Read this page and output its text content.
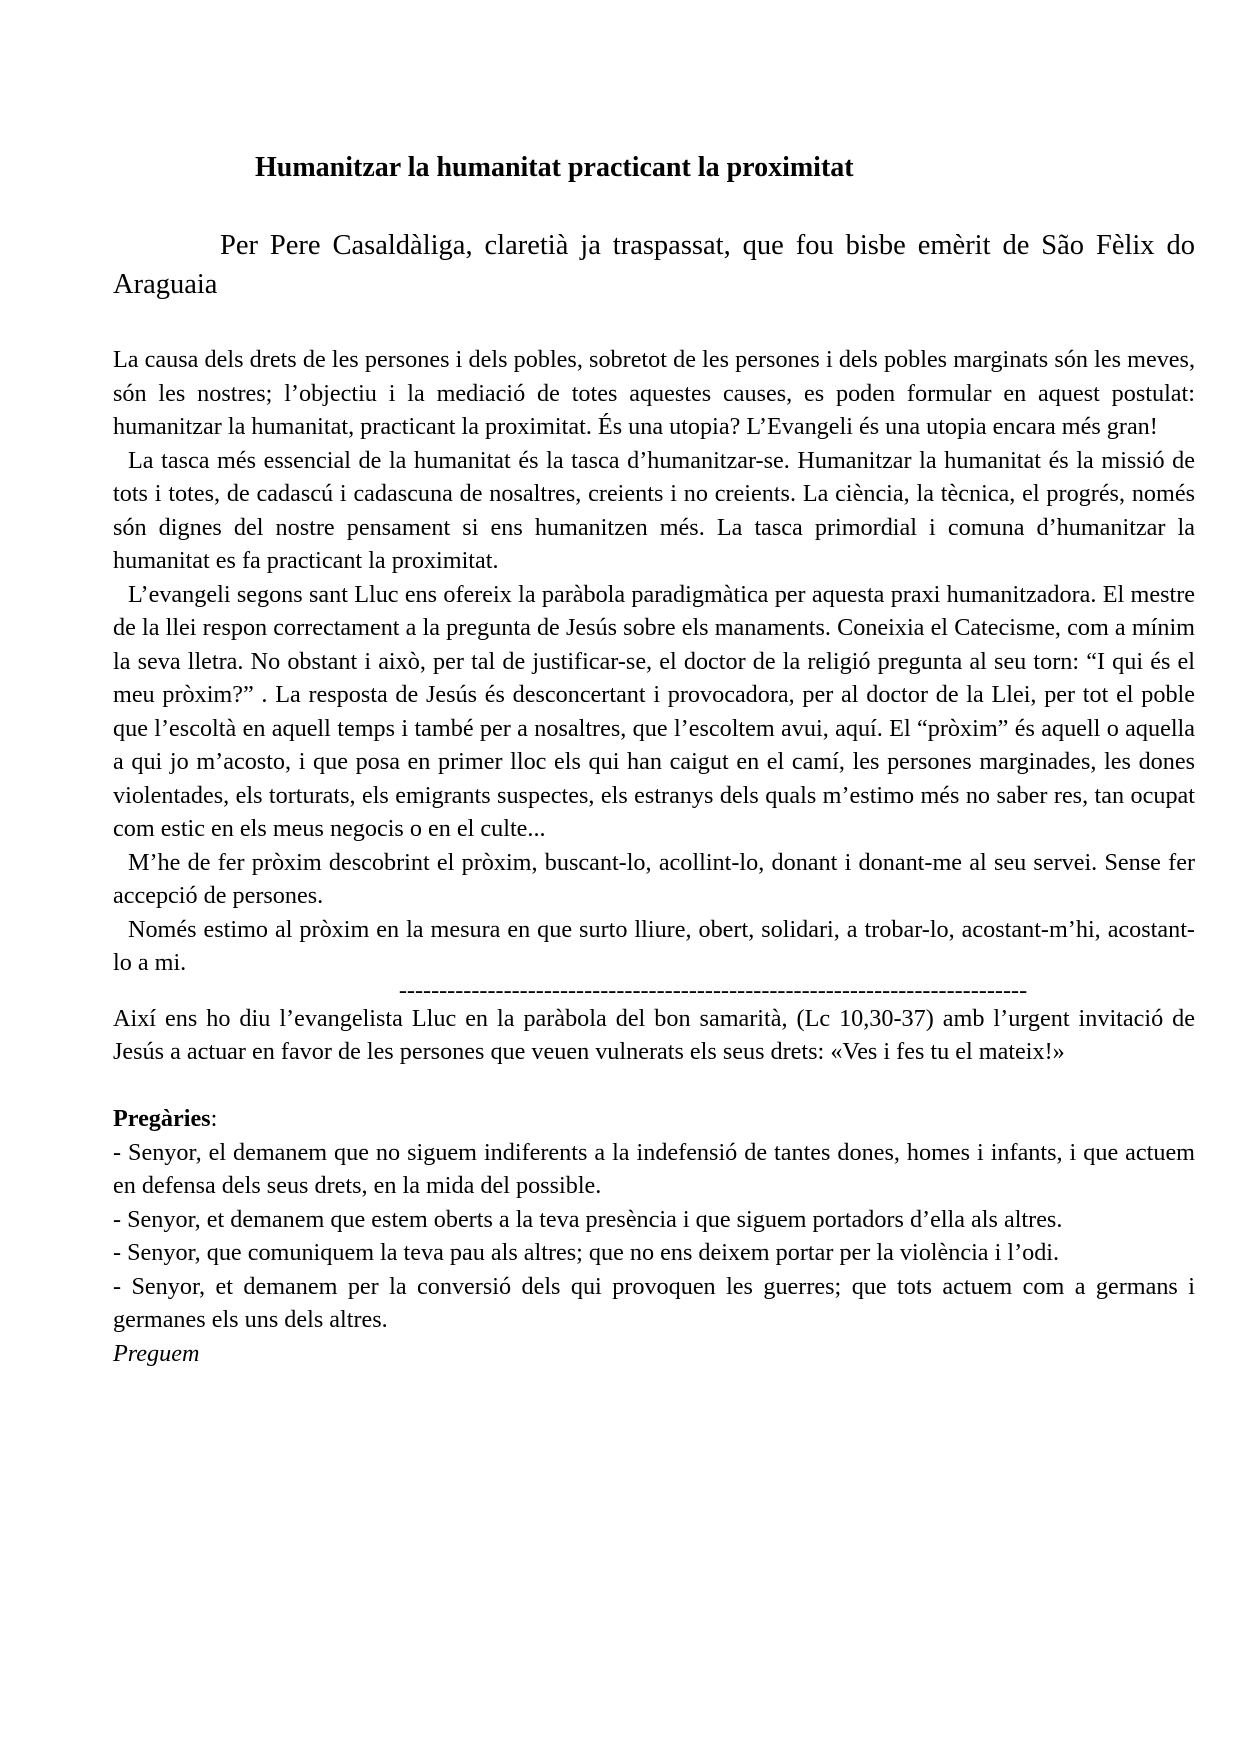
Humanitzar la humanitat practicant la proximitat

Per Pere Casaldàliga, claretià ja traspassat, que fou bisbe emèrit de São Fèlix do Araguaia

La causa dels drets de les persones i dels pobles, sobretot de les persones i dels pobles marginats són les meves, són les nostres; l’objectiu i la mediació de totes aquestes causes, es poden formular en aquest postulat: humanitzar la humanitat, practicant la proximitat. És una utopia? L’Evangeli és una utopia encara més gran!

La tasca més essencial de la humanitat és la tasca d’humanitzar-se. Humanitzar la humanitat és la missió de tots i totes, de cadascú i cadascuna de nosaltres, creients i no creients. La ciència, la tècnica, el progrés, només són dignes del nostre pensament si ens humanitzen més. La tasca primordial i comuna d’humanitzar la humanitat es fa practicant la proximitat.

L’evangeli segons sant Lluc ens ofereix la paràbola paradigmàtica per aquesta praxi humanitzadora. El mestre de la llei respon correctament a la pregunta de Jesús sobre els manaments. Coneixia el Catecisme, com a mínim la seva lletra. No obstant i això, per tal de justificar-se, el doctor de la religió pregunta al seu torn: “I qui és el meu pròxim?” . La resposta de Jesús és desconcertant i provocadora, per al doctor de la Llei, per tot el poble que l’escoltà en aquell temps i també per a nosaltres, que l’escoltem avui, aquí. El “pròxim” és aquell o aquella a qui jo m’acosto, i que posa en primer lloc els qui han caigut en el camí, les persones marginades, les dones violentades, els torturats, els emigrants suspectes, els estranys dels quals m’estimo més no saber res, tan ocupat com estic en els meus negocis o en el culte...

M’he de fer pròxim descobrint el pròxim, buscant-lo, acollint-lo, donant i donant-me al seu servei. Sense fer accepció de persones.

Només estimo al pròxim en la mesura en que surto lliure, obert, solidari, a trobar-lo, acostant-m’hi, acostant-lo a mi.

------------------------------------------------------------------------------

Així ens ho diu l’evangelista Lluc en la paràbola del bon samarità, (Lc 10,30-37) amb l’urgent invitació de Jesús a actuar en favor de les persones que veuen vulnerats els seus drets: «Ves i fes tu el mateix!»

Pregàries:

- Senyor, el demanem que no siguem indiferents a la indefensió de tantes dones, homes i infants, i que actuem en defensa dels seus drets, en la mida del possible.

- Senyor, et demanem que estem oberts a la teva presència i que siguem portadors d’ella als altres.

- Senyor, que comuniquem la teva pau als altres; que no ens deixem portar per la violència i l’odi.

- Senyor, et demanem per la conversió dels qui provoquen les guerres; que tots actuem com a germans i germanes els uns dels altres.

Preguem
